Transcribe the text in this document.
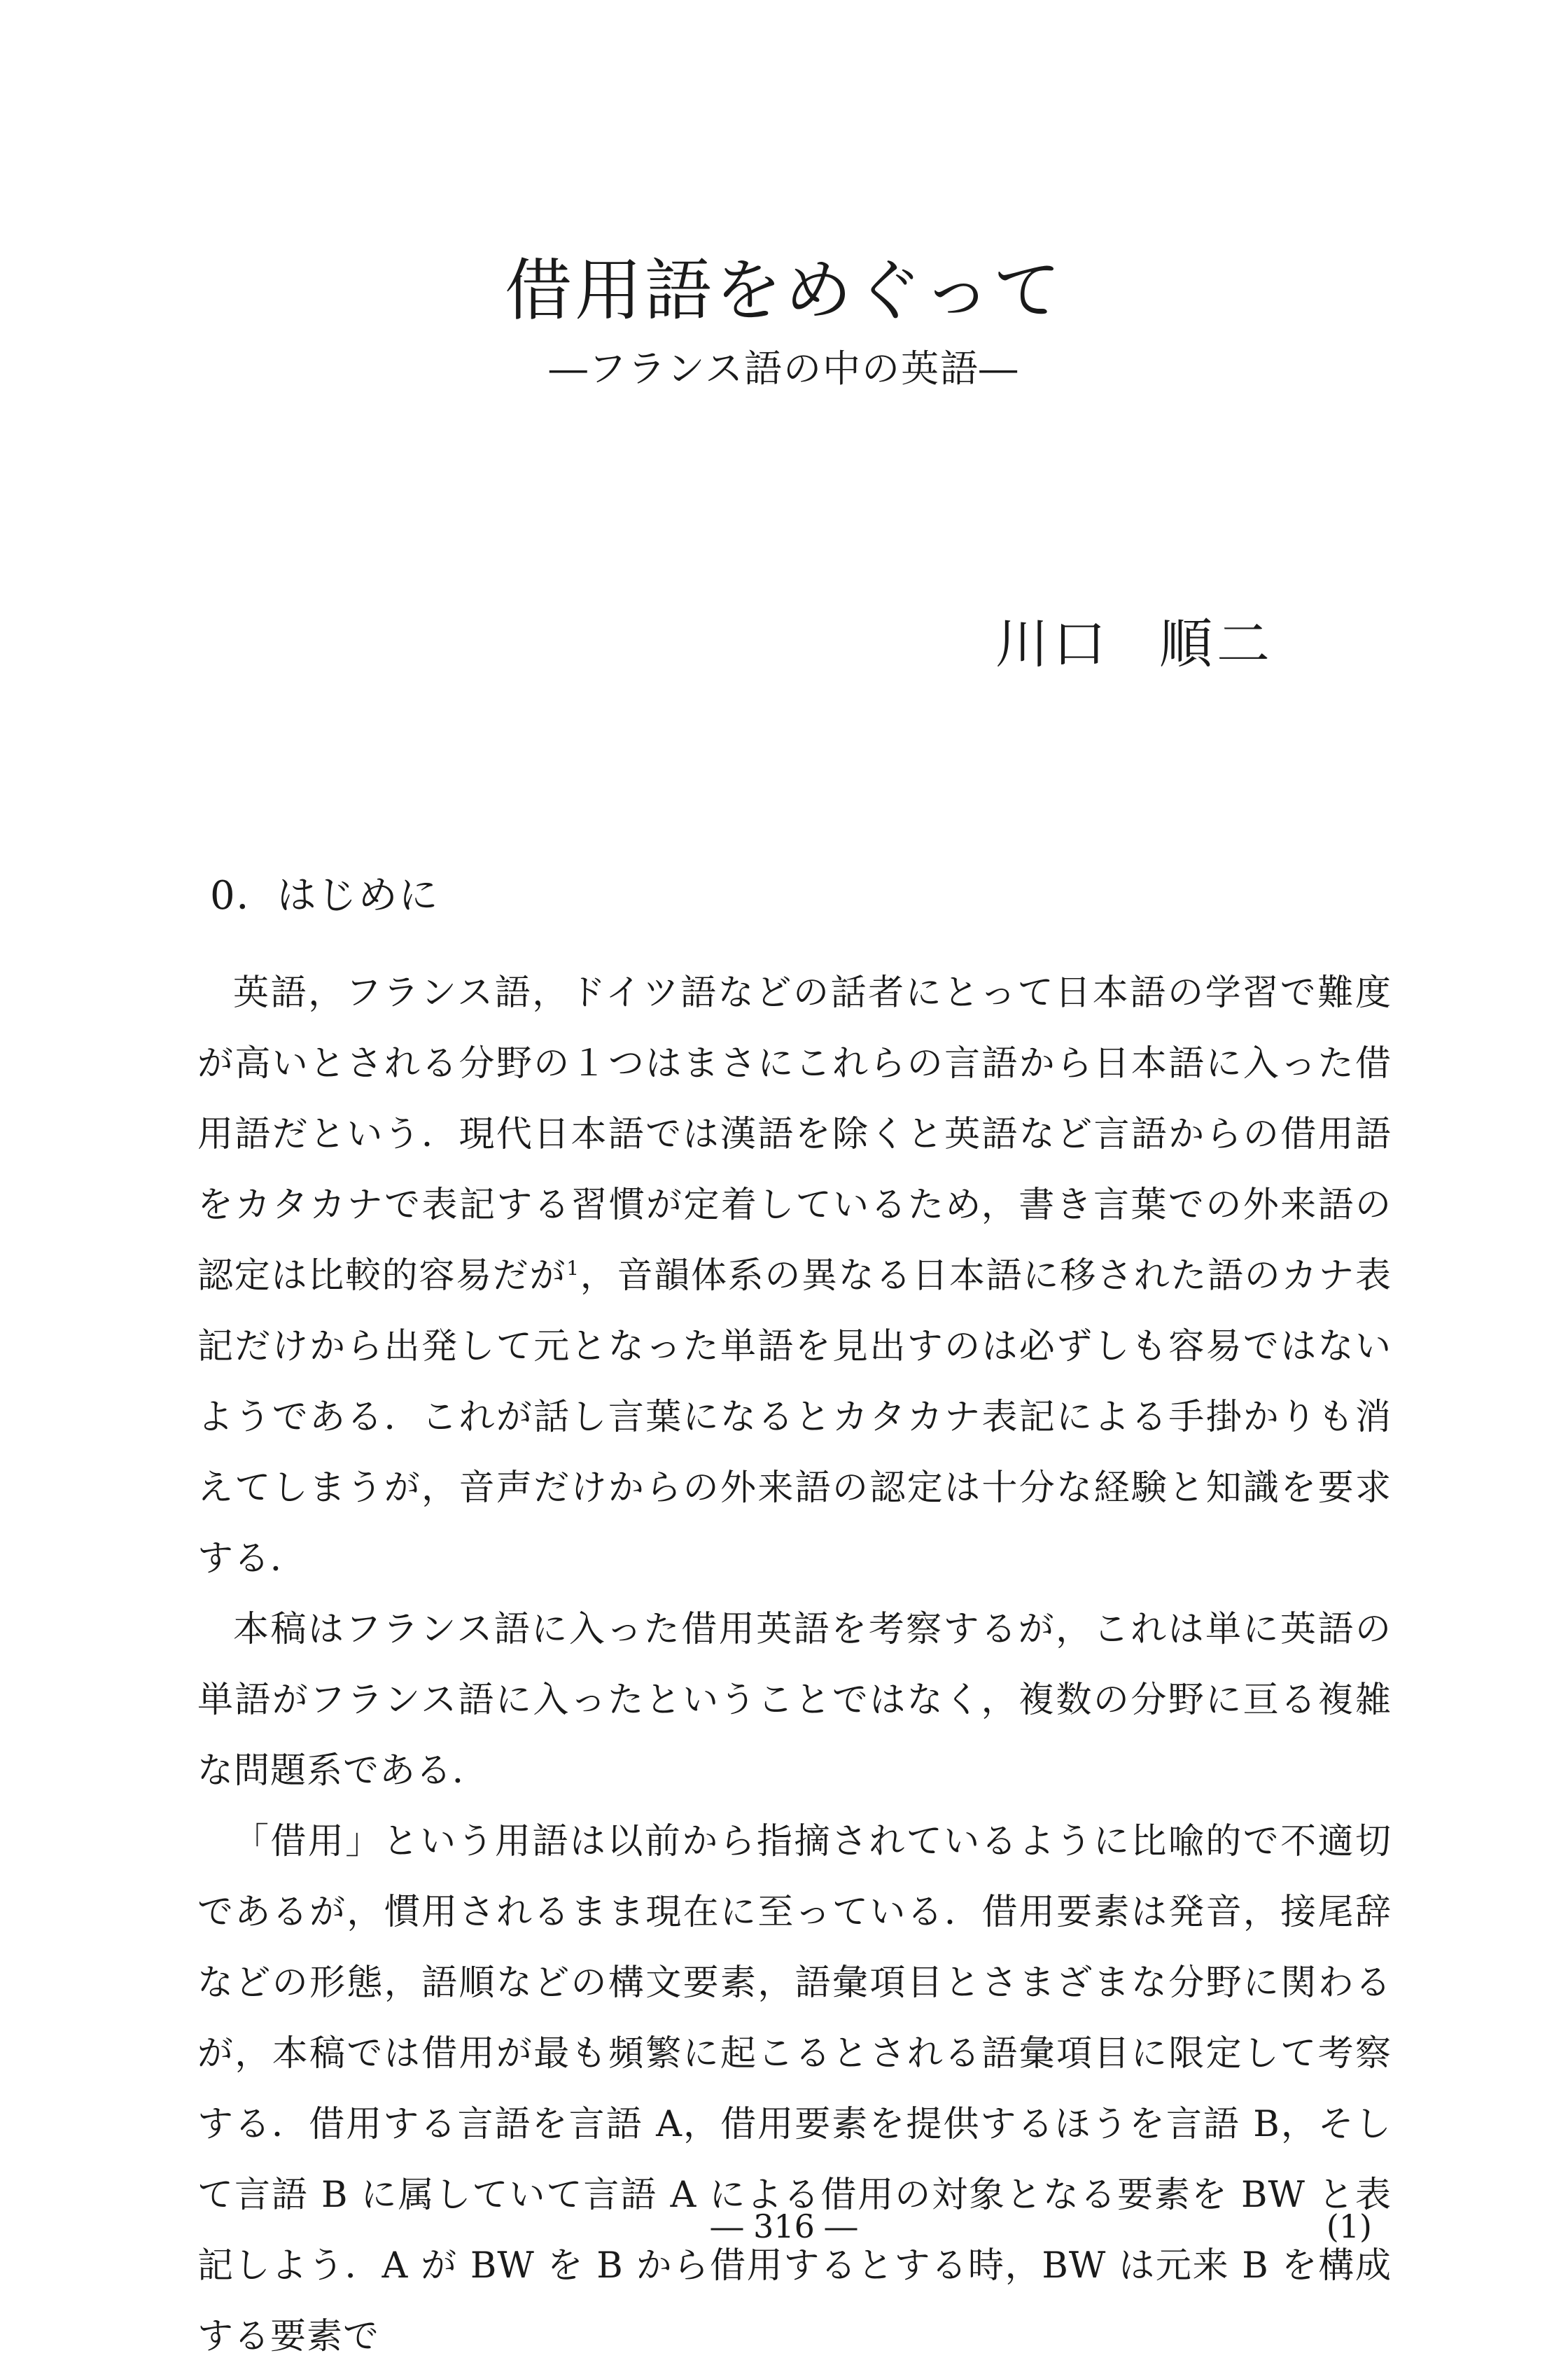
借用語をめぐって
―フランス語の中の英語―
川口 順二
0．はじめに

英語，フランス語，ドイツ語などの話者にとって日本語の学習で難度が高いとされる分野の１つはまさにこれらの言語から日本語に入った借用語だという．現代日本語では漢語を除くと英語など言語からの借用語をカタカナで表記する習慣が定着しているため，書き言葉での外来語の認定は比較的容易だが$^1$，音韻体系の異なる日本語に移された語のカナ表記だけから出発して元となった単語を見出すのは必ずしも容易ではないようである．これが話し言葉になるとカタカナ表記による手掛かりも消えてしまうが，音声だけからの外来語の認定は十分な経験と知識を要求する．

本稿はフランス語に入った借用英語を考察するが，これは単に英語の単語がフランス語に入ったということではなく，複数の分野に亘る複雑な問題系である．

「借用」という用語は以前から指摘されているように比喩的で不適切であるが，慣用されるまま現在に至っている．借用要素は発音，接尾辞などの形態，語順などの構文要素，語彙項目とさまざまな分野に関わるが，本稿では借用が最も頻繁に起こるとされる語彙項目に限定して考察する．借用する言語を言語 A，借用要素を提供するほうを言語 B，そして言語 B に属していて言語 A による借用の対象となる要素を BW と表記しよう．A が BW を B から借用するとする時，BW は元来 B を構成する要素で

― 316 ―	(1)
